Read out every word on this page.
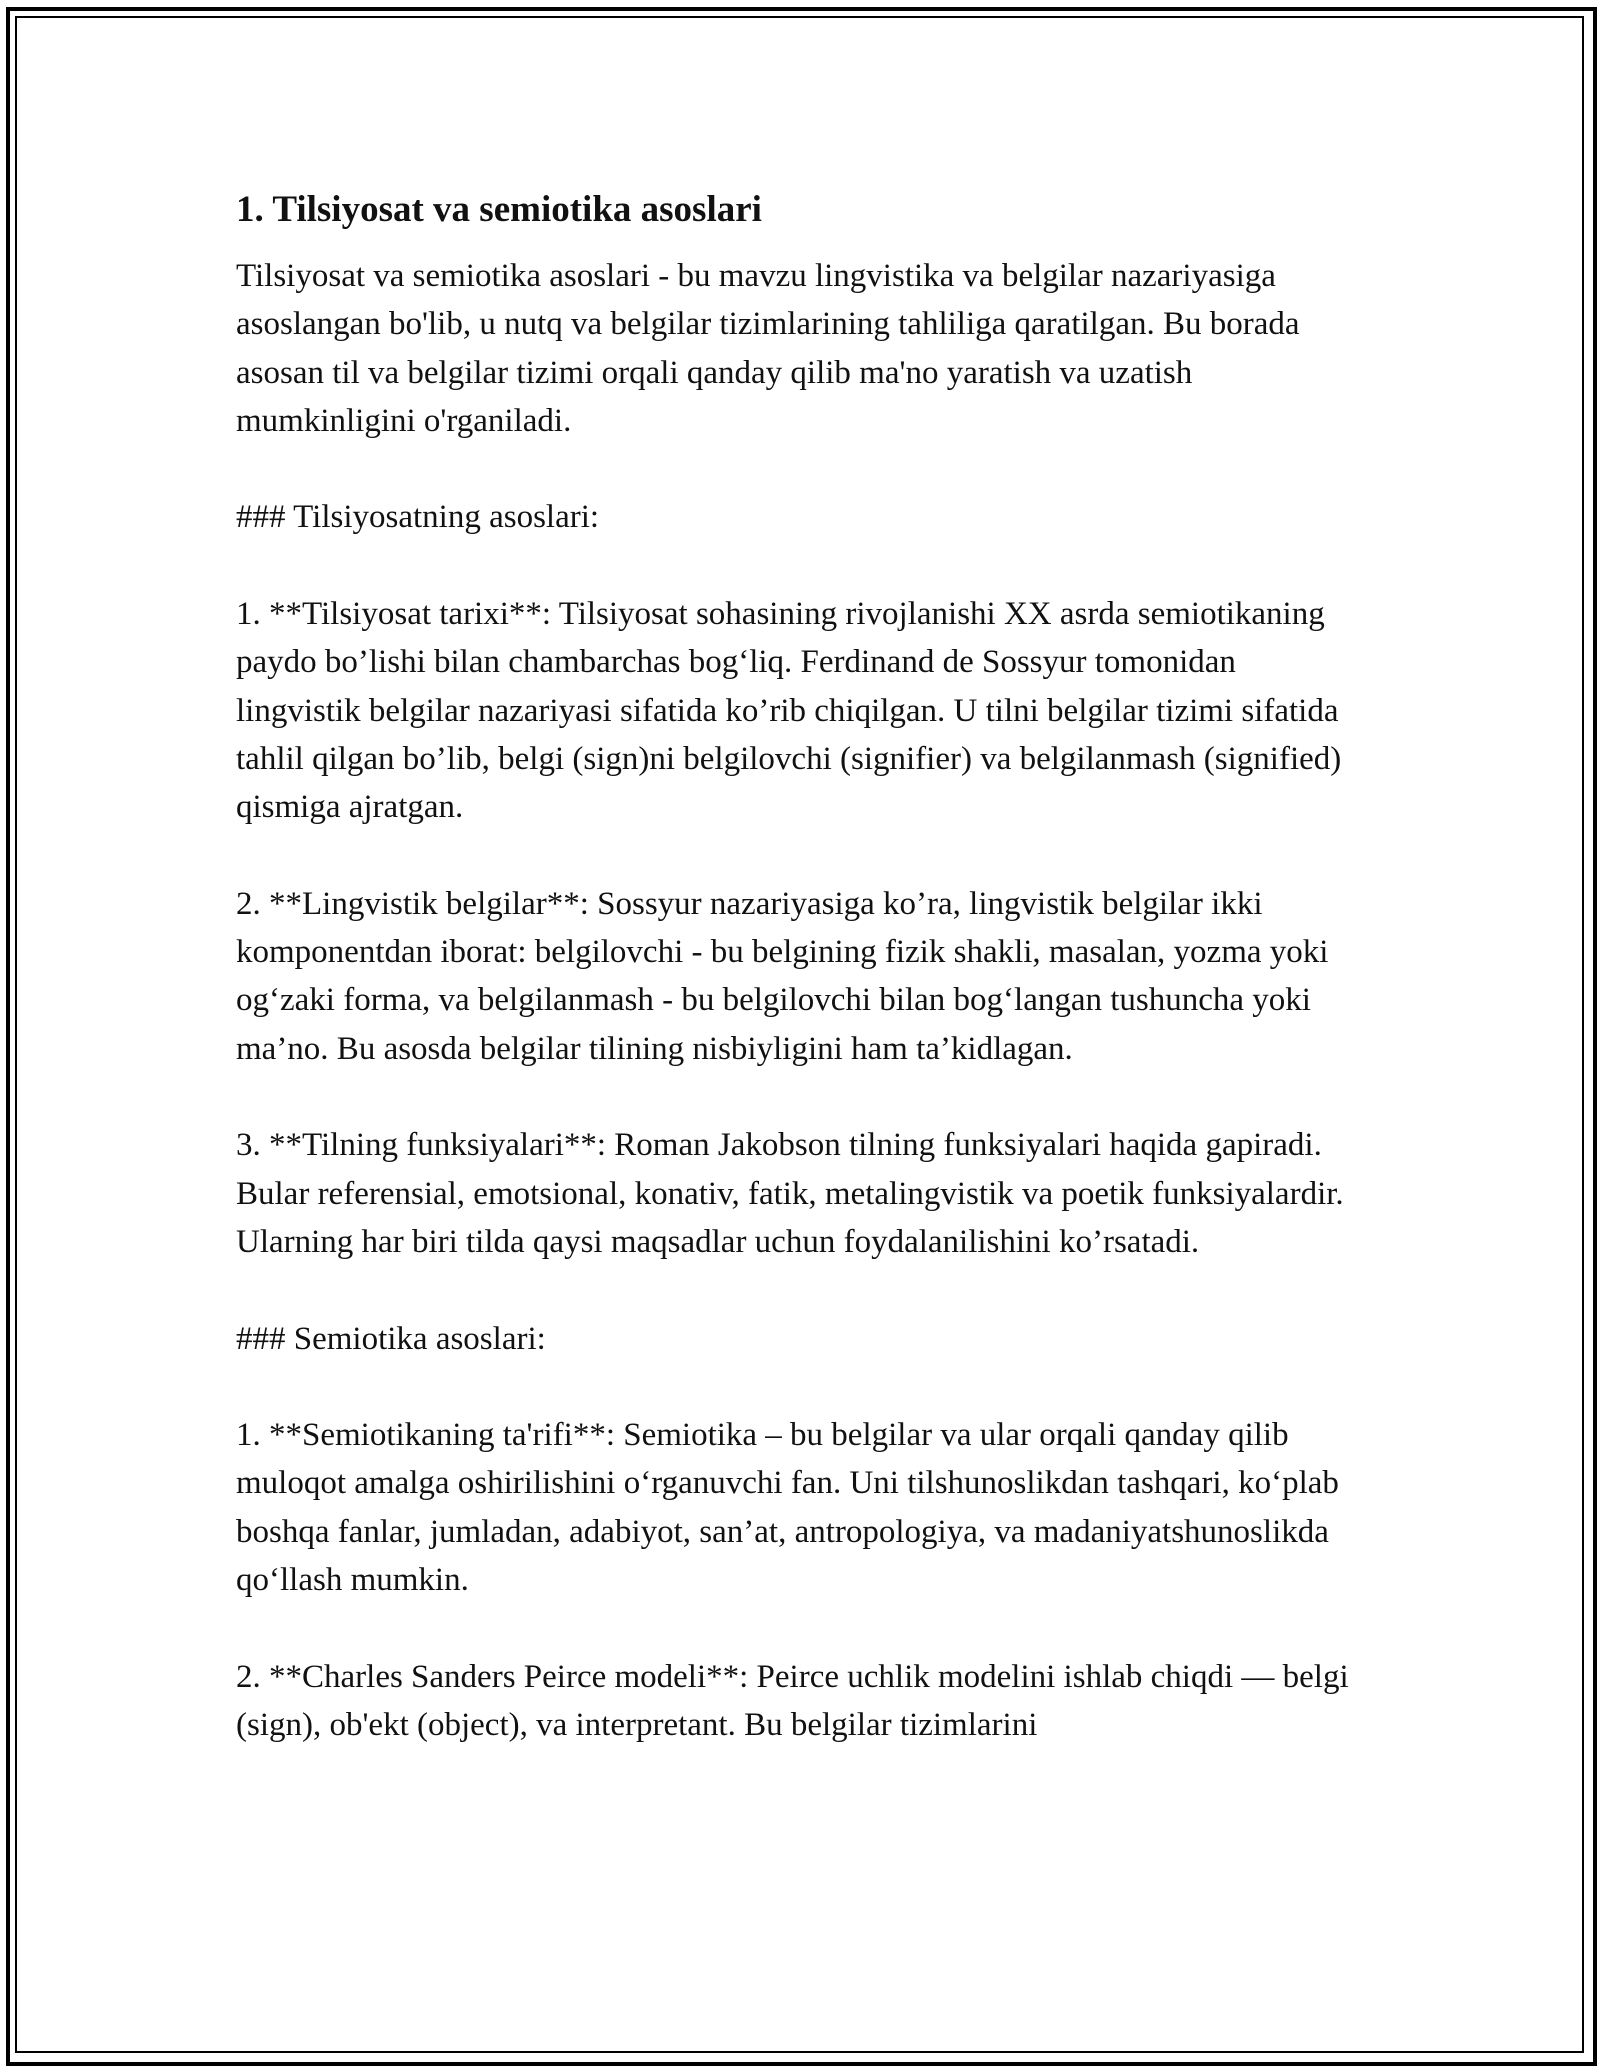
1. Tilsiyosat va semiotika asoslari

Tilsiyosat va semiotika asoslari - bu mavzu lingvistika va belgilar nazariyasiga asoslangan bo'lib, u nutq va belgilar tizimlarining tahliliga qaratilgan. Bu borada asosan til va belgilar tizimi orqali qanday qilib ma'no yaratish va uzatish mumkinligini o'rganiladi.

### Tilsiyosatning asoslari:

1. **Tilsiyosat tarixi**: Tilsiyosat sohasining rivojlanishi XX asrda semiotikaning paydo bo’lishi bilan chambarchas bog‘liq. Ferdinand de Sossyur tomonidan lingvistik belgilar nazariyasi sifatida ko’rib chiqilgan. U tilni belgilar tizimi sifatida tahlil qilgan bo’lib, belgi (sign)ni belgilovchi (signifier) va belgilanmash (signified) qismiga ajratgan.

2. **Lingvistik belgilar**: Sossyur nazariyasiga ko’ra, lingvistik belgilar ikki komponentdan iborat: belgilovchi - bu belgining fizik shakli, masalan, yozma yoki og‘zaki forma, va belgilanmash - bu belgilovchi bilan bog‘langan tushuncha yoki ma’no. Bu asosda belgilar tilining nisbiyligini ham ta’kidlagan.

3. **Tilning funksiyalari**: Roman Jakobson tilning funksiyalari haqida gapiradi. Bular referensial, emotsional, konativ, fatik, metalingvistik va poetik funksiyalardir. Ularning har biri tilda qaysi maqsadlar uchun foydalanilishini ko’rsatadi.

### Semiotika asoslari:

1. **Semiotikaning ta'rifi**: Semiotika – bu belgilar va ular orqali qanday qilib muloqot amalga oshirilishini o‘rganuvchi fan. Uni tilshunoslikdan tashqari, ko‘plab boshqa fanlar, jumladan, adabiyot, san’at, antropologiya, va madaniyatshunoslikda qo‘llash mumkin.

2. **Charles Sanders Peirce modeli**: Peirce uchlik modelini ishlab chiqdi — belgi (sign), ob'ekt (object), va interpretant. Bu belgilar tizimlarini
